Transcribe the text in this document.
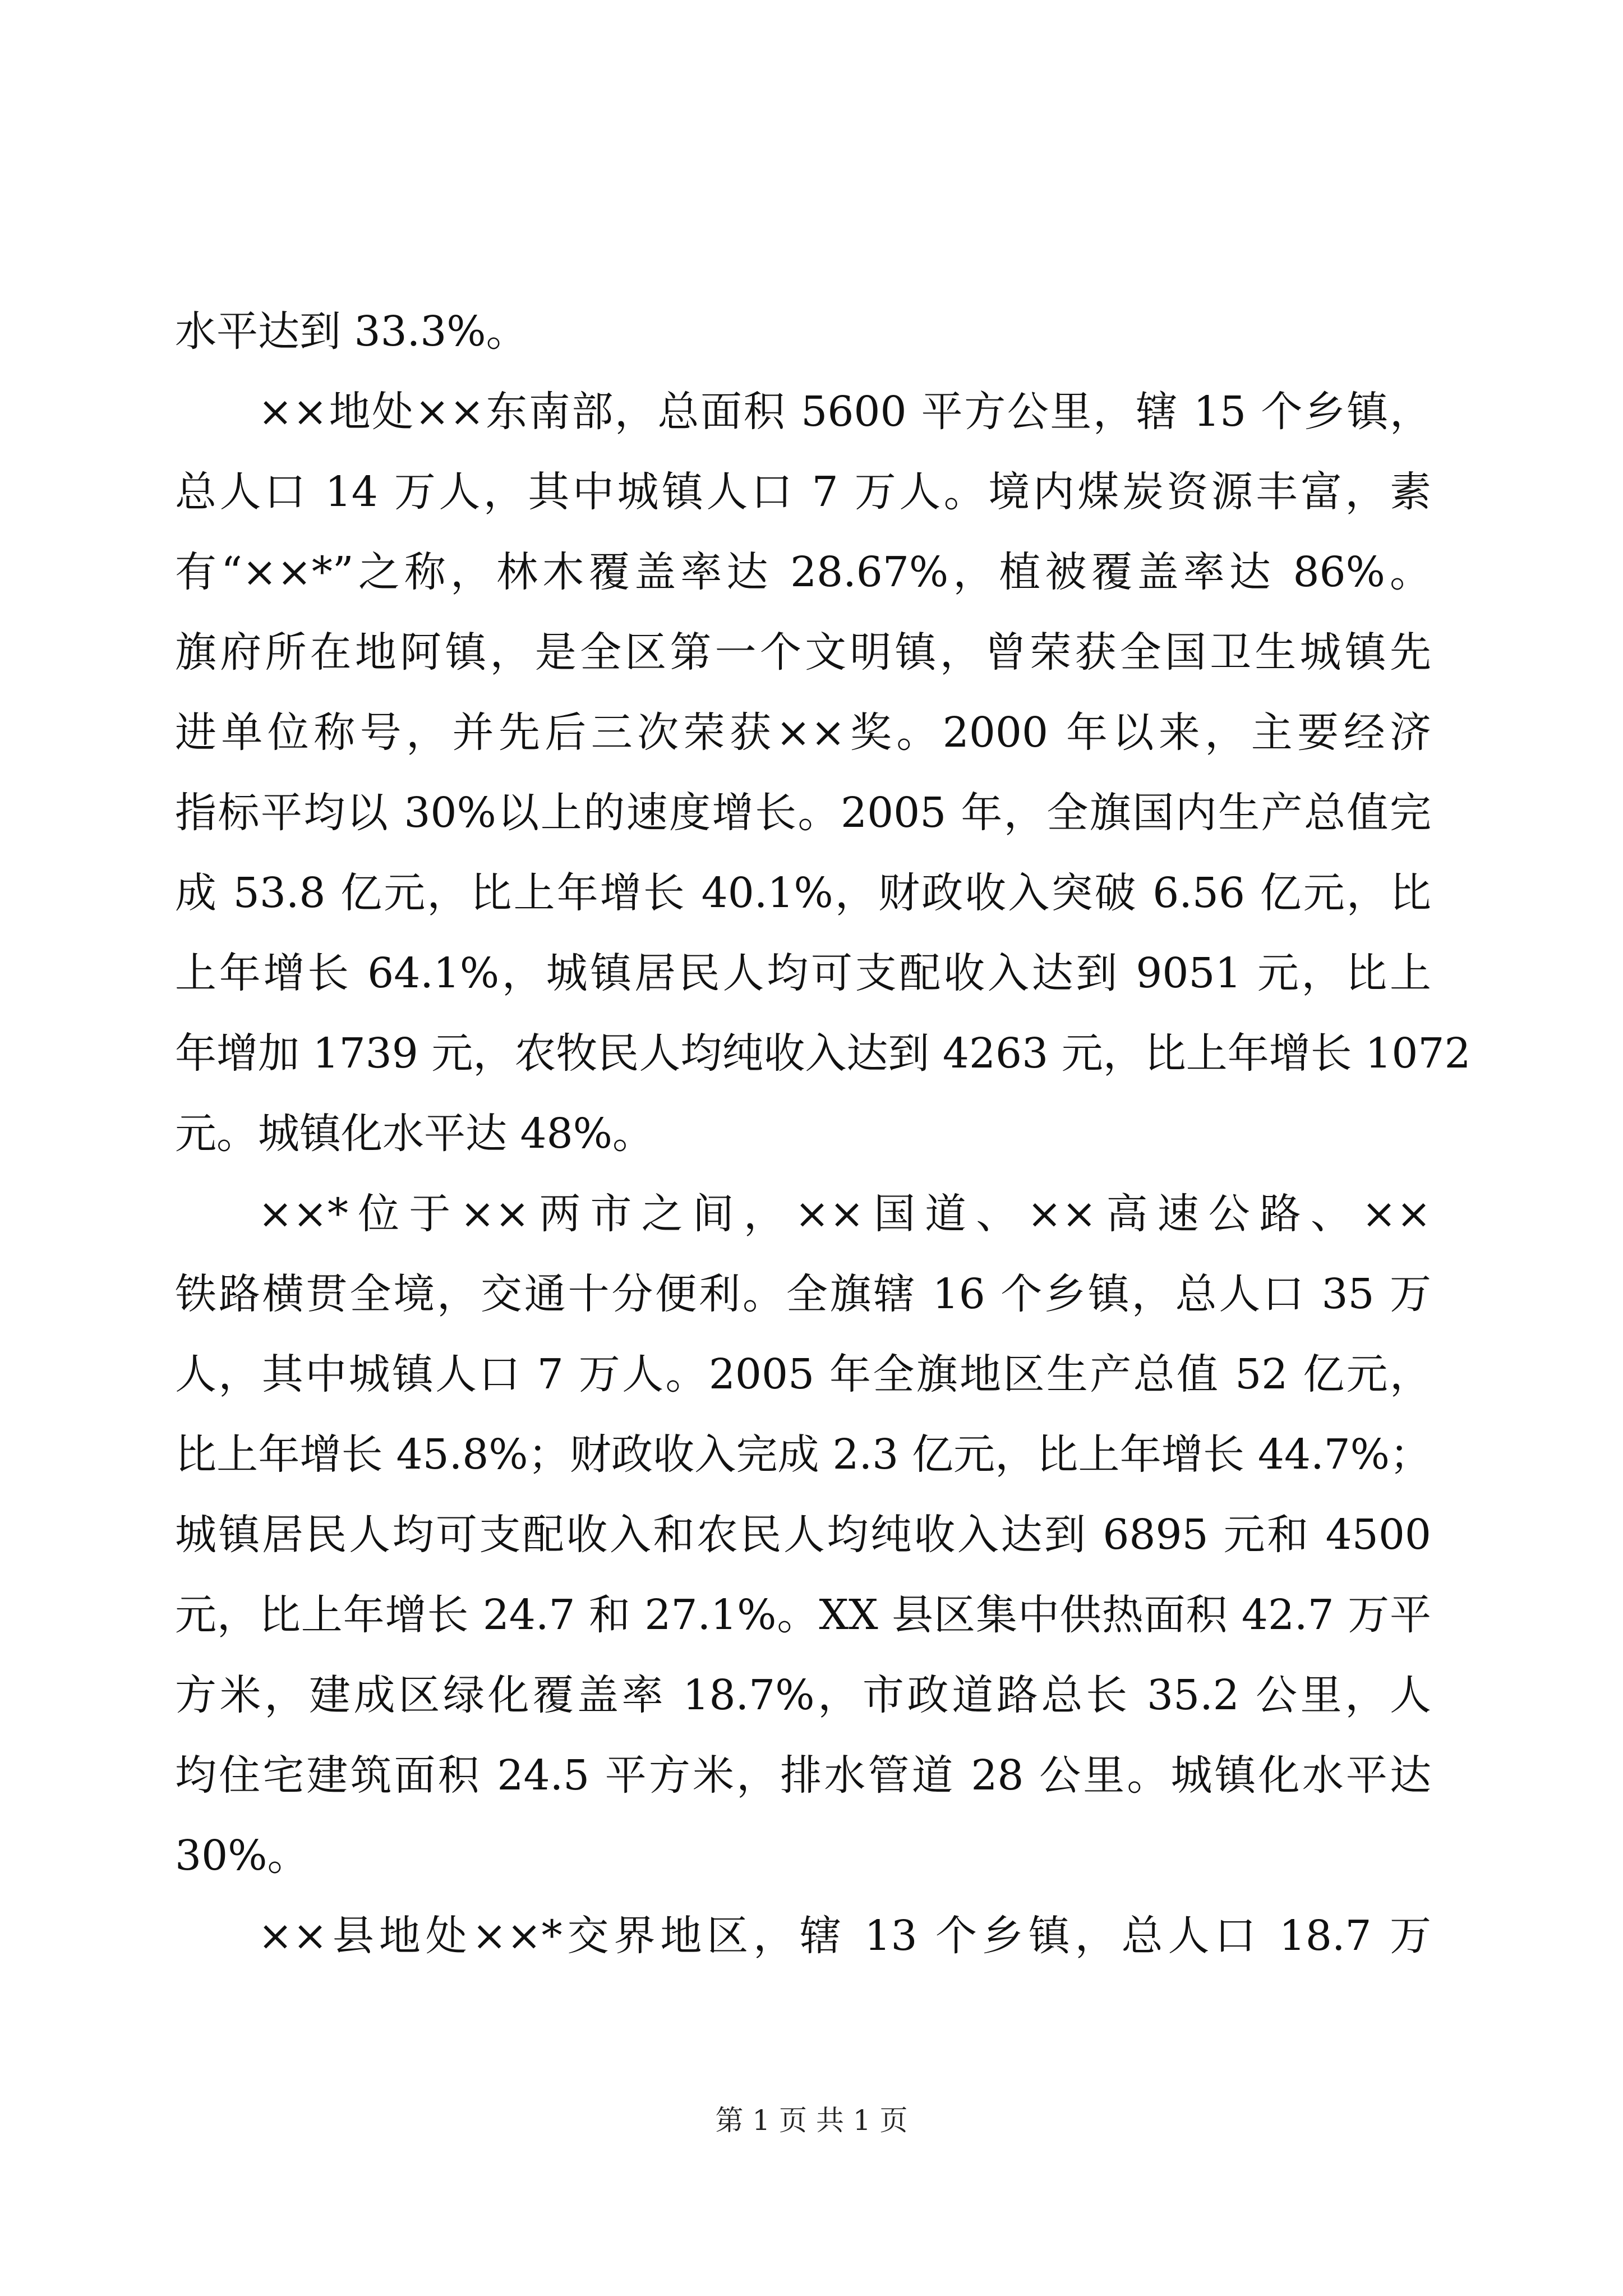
水平达到 33.3%。
××地处××东南部，总面积 5600 平方公里，辖 15 个乡镇，
总人口 14 万人，其中城镇人口 7 万人。境内煤炭资源丰富，素
有“××*”之称，林木覆盖率达 28.67%，植被覆盖率达 86%。
旗府所在地阿镇，是全区第一个文明镇，曾荣获全国卫生城镇先
进单位称号，并先后三次荣获××奖。2000 年以来，主要经济
指标平均以 30%以上的速度增长。2005 年，全旗国内生产总值完
成 53.8 亿元，比上年增长 40.1%，财政收入突破 6.56 亿元，比
上年增长 64.1%，城镇居民人均可支配收入达到 9051 元，比上
年增加 1739 元，农牧民人均纯收入达到 4263 元，比上年增长 1072
元。城镇化水平达 48%。
××*位于××两市之间，××国道、××高速公路、××
铁路横贯全境，交通十分便利。全旗辖 16 个乡镇，总人口 35 万
人，其中城镇人口 7 万人。2005 年全旗地区生产总值 52 亿元，
比上年增长 45.8%；财政收入完成 2.3 亿元，比上年增长 44.7%；
城镇居民人均可支配收入和农民人均纯收入达到 6895 元和 4500
元，比上年增长 24.7 和 27.1%。XX 县区集中供热面积 42.7 万平
方米，建成区绿化覆盖率 18.7%，市政道路总长 35.2 公里，人
均住宅建筑面积 24.5 平方米，排水管道 28 公里。城镇化水平达
30%。
××县地处××*交界地区，辖 13 个乡镇，总人口 18.7 万
第 1 页 共 1 页
